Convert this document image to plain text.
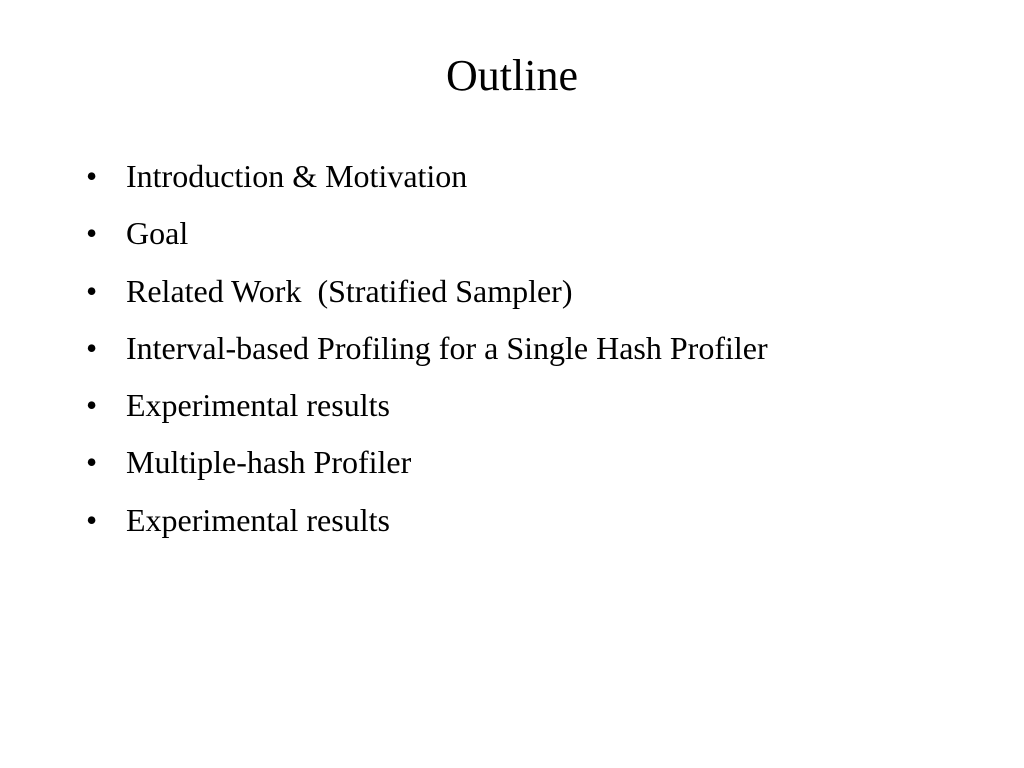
Outline
• Introduction & Motivation
• Goal
• Related Work  (Stratified Sampler)
• Interval-based Profiling for a Single Hash Profiler
• Experimental results
• Multiple-hash Profiler
• Experimental results
